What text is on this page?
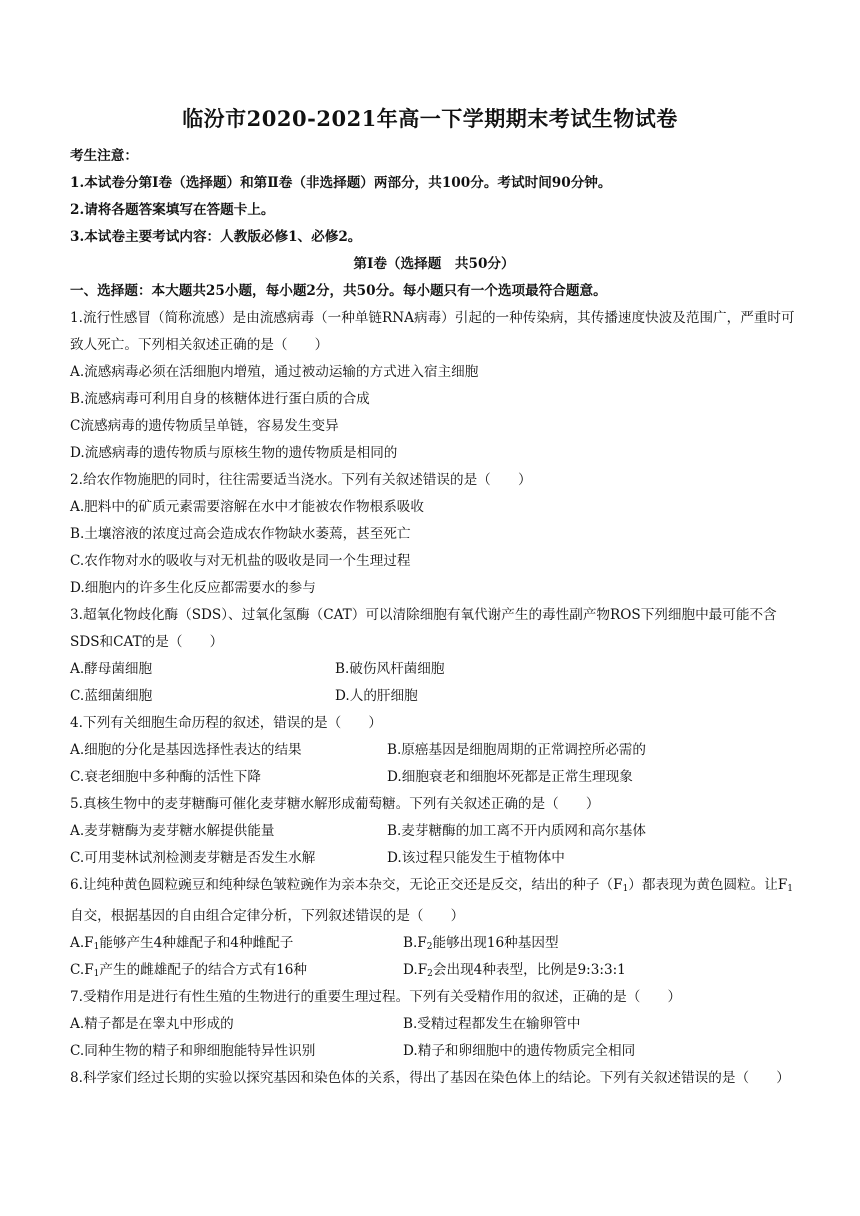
临汾市2020-2021年高一下学期期末考试生物试卷
考生注意：
1.本试卷分第Ⅰ卷（选择题）和第Ⅱ卷（非选择题）两部分，共100分。考试时间90分钟。
2.请将各题答案填写在答题卡上。
3.本试卷主要考试内容：人教版必修1、必修2。
第Ⅰ卷（选择题　共50分）
一、选择题：本大题共25小题，每小题2分，共50分。每小题只有一个选项最符合题意。
1.流行性感冒（简称流感）是由流感病毒（一种单链RNA病毒）引起的一种传染病，其传播速度快波及范围广，严重时可致人死亡。下列相关叙述正确的是（　　）
A.流感病毒必须在活细胞内增殖，通过被动运输的方式进入宿主细胞
B.流感病毒可利用自身的核糖体进行蛋白质的合成
C流感病毒的遗传物质呈单链，容易发生变异
D.流感病毒的遗传物质与原核生物的遗传物质是相同的
2.给农作物施肥的同时，往往需要适当浇水。下列有关叙述错误的是（　　）
A.肥料中的矿质元素需要溶解在水中才能被农作物根系吸收
B.土壤溶液的浓度过高会造成农作物缺水萎蔫，甚至死亡
C.农作物对水的吸收与对无机盐的吸收是同一个生理过程
D.细胞内的许多生化反应都需要水的参与
3.超氧化物歧化酶（SDS）、过氧化氢酶（CAT）可以清除细胞有氧代谢产生的毒性副产物ROS下列细胞中最可能不含SDS和CAT的是（　　）
A.酵母菌细胞	B.破伤风杆菌细胞
C.蓝细菌细胞	D.人的肝细胞
4.下列有关细胞生命历程的叙述，错误的是（　　）
A.细胞的分化是基因选择性表达的结果	B.原癌基因是细胞周期的正常调控所必需的
C.衰老细胞中多种酶的活性下降	D.细胞衰老和细胞坏死都是正常生理现象
5.真核生物中的麦芽糖酶可催化麦芽糖水解形成葡萄糖。下列有关叙述正确的是（　　）
A.麦芽糖酶为麦芽糖水解提供能量	B.麦芽糖酶的加工离不开内质网和高尔基体
C.可用斐林试剂检测麦芽糖是否发生水解	D.该过程只能发生于植物体中
6.让纯种黄色圆粒豌豆和纯种绿色皱粒豌作为亲本杂交，无论正交还是反交，结出的种子$(F_1)$都表现为黄色圆粒。让$F_1$自交，根据基因的自由组合定律分析，下列叙述错误的是（　　）
$A.F_1$能够产生4种雄配子和4种雌配子	$B.F_2$能够出现16种基因型
$C.F_1$产生的雌雄配子的结合方式有16种	$D.F_2$会出现4种表型，比例是9:3:3:1
7.受精作用是进行有性生殖的生物进行的重要生理过程。下列有关受精作用的叙述，正确的是（　　）
A.精子都是在睾丸中形成的	B.受精过程都发生在输卵管中
C.同种生物的精子和卵细胞能特异性识别	D.精子和卵细胞中的遗传物质完全相同
8.科学家们经过长期的实验以探究基因和染色体的关系，得出了基因在染色体上的结论。下列有关叙述错误的是（　　）
